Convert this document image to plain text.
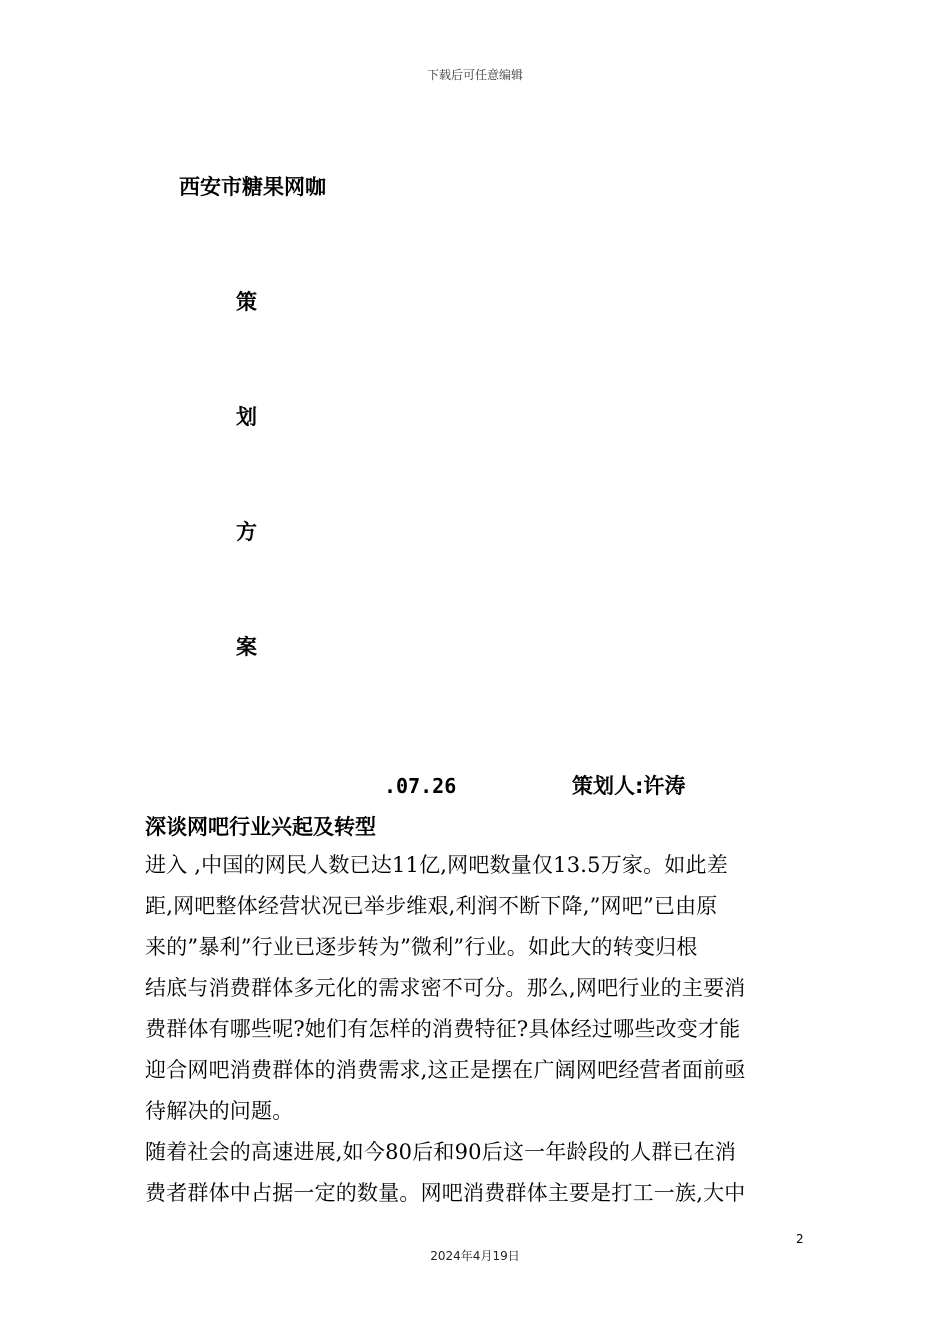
下载后可任意编辑
西安市糖果网咖
策
划
方
案
.07.26	策划人:许涛
深谈网吧行业兴起及转型
进入 ,中国的网民人数已达11亿,网吧数量仅13.5万家。如此差
距,网吧整体经营状况已举步维艰,利润不断下降,”网吧”已由原
来的”暴利”行业已逐步转为”微利”行业。如此大的转变归根
结底与消费群体多元化的需求密不可分。那么,网吧行业的主要消
费群体有哪些呢?她们有怎样的消费特征?具体经过哪些改变才能
迎合网吧消费群体的消费需求,这正是摆在广阔网吧经营者面前亟
待解决的问题。
随着社会的高速进展,如今80后和90后这一年龄段的人群已在消
费者群体中占据一定的数量。网吧消费群体主要是打工一族,大中
2
2024年4月19日
